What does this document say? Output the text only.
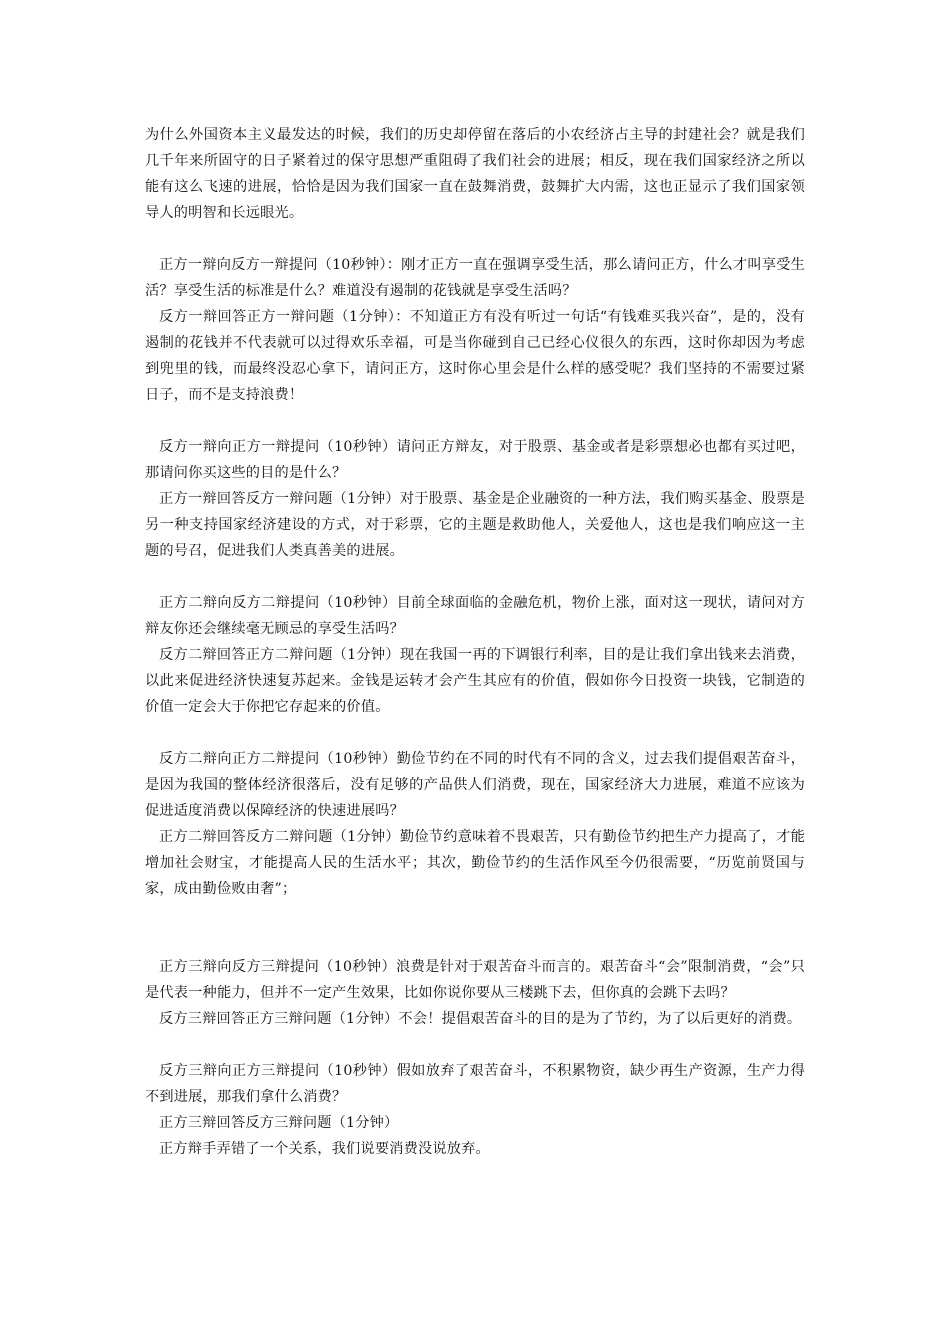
为什么外国资本主义最发达的时候，我们的历史却停留在落后的小农经济占主导的封建社会？就是我们几千年来所固守的日子紧着过的保守思想严重阻碍了我们社会的进展；相反，现在我们国家经济之所以能有这么飞速的进展，恰恰是因为我们国家一直在鼓舞消费，鼓舞扩大内需，这也正显示了我们国家领导人的明智和长远眼光。

正方一辩向反方一辩提问（10秒钟）：刚才正方一直在强调享受生活，那么请问正方，什么才叫享受生活？享受生活的标准是什么？难道没有遏制的花钱就是享受生活吗？

反方一辩回答正方一辩问题（1分钟）：不知道正方有没有听过一句话“有钱难买我兴奋”，是的，没有遏制的花钱并不代表就可以过得欢乐幸福，可是当你碰到自己已经心仪很久的东西，这时你却因为考虑到兜里的钱，而最终没忍心拿下，请问正方，这时你心里会是什么样的感受呢？我们坚持的不需要过紧日子，而不是支持浪费！

反方一辩向正方一辩提问（10秒钟）请问正方辩友，对于股票、基金或者是彩票想必也都有买过吧，那请问你买这些的目的是什么？

正方一辩回答反方一辩问题（1分钟）对于股票、基金是企业融资的一种方法，我们购买基金、股票是另一种支持国家经济建设的方式，对于彩票，它的主题是救助他人，关爱他人，这也是我们响应这一主题的号召，促进我们人类真善美的进展。

正方二辩向反方二辩提问（10秒钟）目前全球面临的金融危机，物价上涨，面对这一现状，请问对方辩友你还会继续毫无顾忌的享受生活吗？

反方二辩回答正方二辩问题（1分钟）现在我国一再的下调银行利率，目的是让我们拿出钱来去消费，以此来促进经济快速复苏起来。金钱是运转才会产生其应有的价值，假如你今日投资一块钱，它制造的价值一定会大于你把它存起来的价值。

反方二辩向正方二辩提问（10秒钟）勤俭节约在不同的时代有不同的含义，过去我们提倡艰苦奋斗，是因为我国的整体经济很落后，没有足够的产品供人们消费，现在，国家经济大力进展，难道不应该为促进适度消费以保障经济的快速进展吗？

正方二辩回答反方二辩问题（1分钟）勤俭节约意味着不畏艰苦，只有勤俭节约把生产力提高了，才能增加社会财宝，才能提高人民的生活水平；其次，勤俭节约的生活作风至今仍很需要，“历览前贤国与家，成由勤俭败由奢”；

正方三辩向反方三辩提问（10秒钟）浪费是针对于艰苦奋斗而言的。艰苦奋斗“会”限制消费，“会”只是代表一种能力，但并不一定产生效果，比如你说你要从三楼跳下去，但你真的会跳下去吗？

反方三辩回答正方三辩问题（1分钟）不会！提倡艰苦奋斗的目的是为了节约，为了以后更好的消费。

反方三辩向正方三辩提问（10秒钟）假如放弃了艰苦奋斗，不积累物资，缺少再生产资源，生产力得不到进展，那我们拿什么消费？

正方三辩回答反方三辩问题（1分钟）

正方辩手弄错了一个关系，我们说要消费没说放弃。
